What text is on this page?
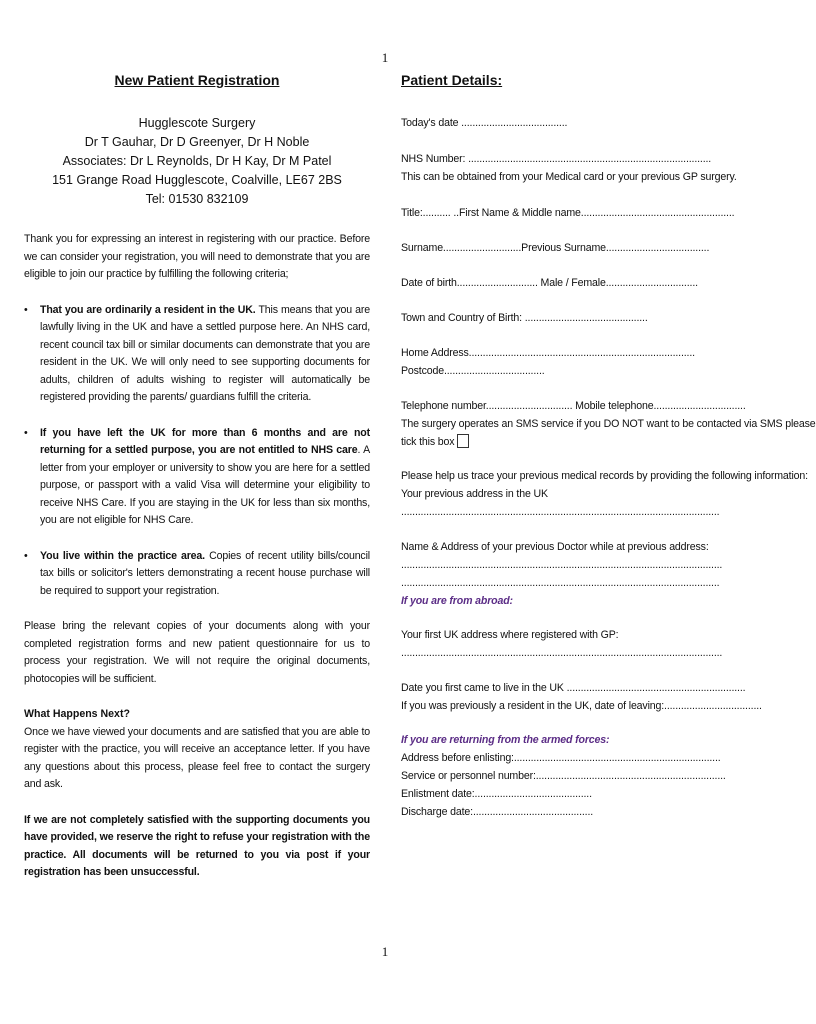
1
New Patient Registration
Hugglescote Surgery
Dr T Gauhar, Dr D Greenyer, Dr H Noble
Associates: Dr L Reynolds, Dr H Kay, Dr M Patel
151 Grange Road Hugglescote, Coalville, LE67 2BS
Tel: 01530 832109

Thank you for expressing an interest in registering with our practice. Before we can consider your registration, you will need to demonstrate that you are eligible to join our practice by fulfilling the following criteria;

• That you are ordinarily a resident in the UK. This means that you are lawfully living in the UK and have a settled purpose here. An NHS card, recent council tax bill or similar documents can demonstrate that you are resident in the UK. We will only need to see supporting documents for adults, children of adults wishing to register will automatically be registered providing the parents/ guardians fulfill the criteria.
• If you have left the UK for more than 6 months and are not returning for a settled purpose, you are not entitled to NHS care. A letter from your employer or university to show you are here for a settled purpose, or passport with a valid Visa will determine your eligibility to receive NHS Care. If you are staying in the UK for less than six months, you are not eligible for NHS Care.
• You live within the practice area. Copies of recent utility bills/council tax bills or solicitor's letters demonstrating a recent house purchase will be required to support your registration.

Please bring the relevant copies of your documents along with your completed registration forms and new patient questionnaire for us to process your registration. We will not require the original documents, photocopies will be sufficient.

What Happens Next?

Once we have viewed your documents and are satisfied that you are able to register with the practice, you will receive an acceptance letter. If you have any questions about this process, please feel free to contact the surgery and ask.

If we are not completely satisfied with the supporting documents you have provided, we reserve the right to refuse your registration with the practice. All documents will be returned to you via post if your registration has been unsuccessful.

Patient Details:
Today's date ......................................
NHS Number: .......................................................................................
This can be obtained from your Medical card or your previous GP surgery.
Title:.......... ..First Name & Middle name.......................................................
Surname............................Previous Surname.....................................
Date of birth............................. Male / Female.................................
Town and Country of Birth: ............................................
Home Address.................................................................................
Postcode....................................
Telephone number............................... Mobile telephone.................................
The surgery operates an SMS service if you DO NOT want to be contacted via SMS please
tick this box
Please help us trace your previous medical records by providing the following information:
Your previous address in the UK
..................................................................................................................
Name & Address of your previous Doctor while at previous address:
...................................................................................................................
..................................................................................................................
If you are from abroad:
Your first UK address where registered with GP:
...................................................................................................................
Date you first came to live in the UK ................................................................
If you was previously a resident in the UK, date of leaving:...................................
If you are returning from the armed forces:
Address before enlisting:..........................................................................
Service or personnel number:....................................................................
Enlistment date:..........................................
Discharge date:...........................................
1
